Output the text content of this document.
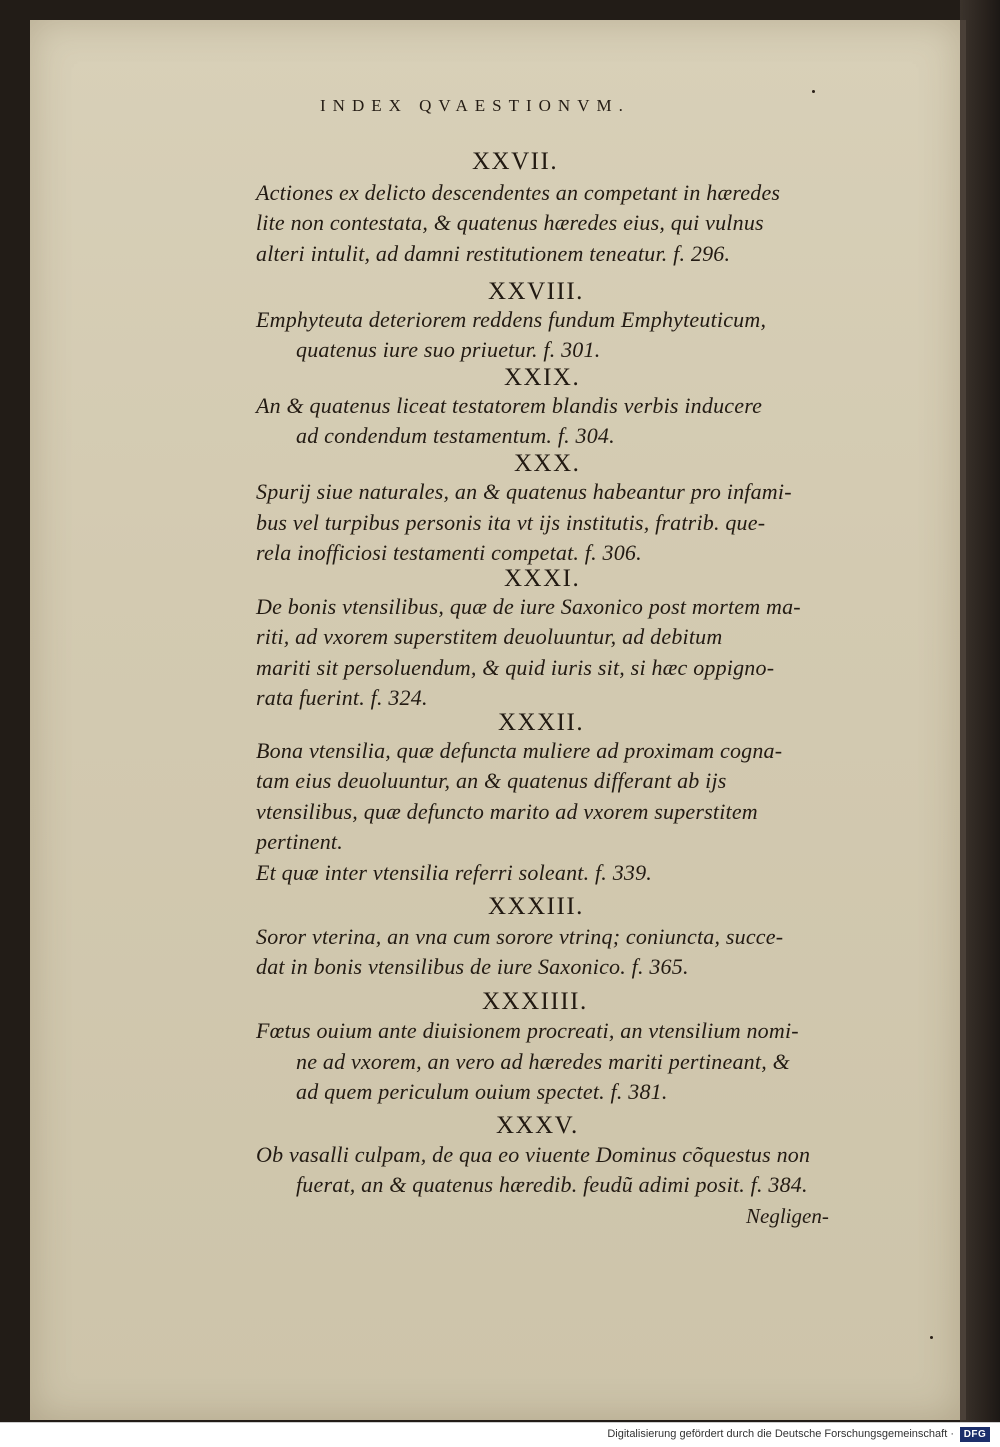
INDEX QVAESTIONVM.
XXVII.
Actiones ex delicto descendentes an competant in hæredes
lite non contestata, & quatenus hæredes eius, qui vulnus
alteri intulit, ad damni restitutionem teneatur. f. 296.
XXVIII.
Emphyteuta deteriorem reddens fundum Emphyteuticum,
quatenus iure suo priuetur. f. 301.
XXIX.
An & quatenus liceat testatorem blandis verbis inducere
ad condendum testamentum. f. 304.
XXX.
Spurij siue naturales, an & quatenus habeantur pro infami-
bus vel turpibus personis ita vt ijs institutis, fratrib. que-
rela inofficiosi testamenti competat. f. 306.
XXXI.
De bonis vtensilibus, quæ de iure Saxonico post mortem ma-
riti, ad vxorem superstitem deuoluuntur, ad debitum
mariti sit persoluendum, & quid iuris sit, si hæc oppigno-
rata fuerint. f. 324.
XXXII.
Bona vtensilia, quæ defuncta muliere ad proximam cogna-
tam eius deuoluuntur, an & quatenus differant ab ijs
vtensilibus, quæ defuncto marito ad vxorem superstitem
pertinent.
Et quæ inter vtensilia referri soleant. f. 339.
XXXIII.
Soror vterina, an vna cum sorore vtrinq; coniuncta, succe-
dat in bonis vtensilibus de iure Saxonico. f. 365.
XXXIIII.
Fœtus ouium ante diuisionem procreati, an vtensilium nomi-
ne ad vxorem, an vero ad hæredes mariti pertineant, &
ad quem periculum ouium spectet. f. 381.
XXXV.
Ob vasalli culpam, de qua eo viuente Dominus cõquestus non
fuerat, an & quatenus hæredib. feudũ adimi posit. f. 384.
Negligen-
Digitalisierung gefördert durch die Deutsche Forschungsgemeinschaft · DFG
